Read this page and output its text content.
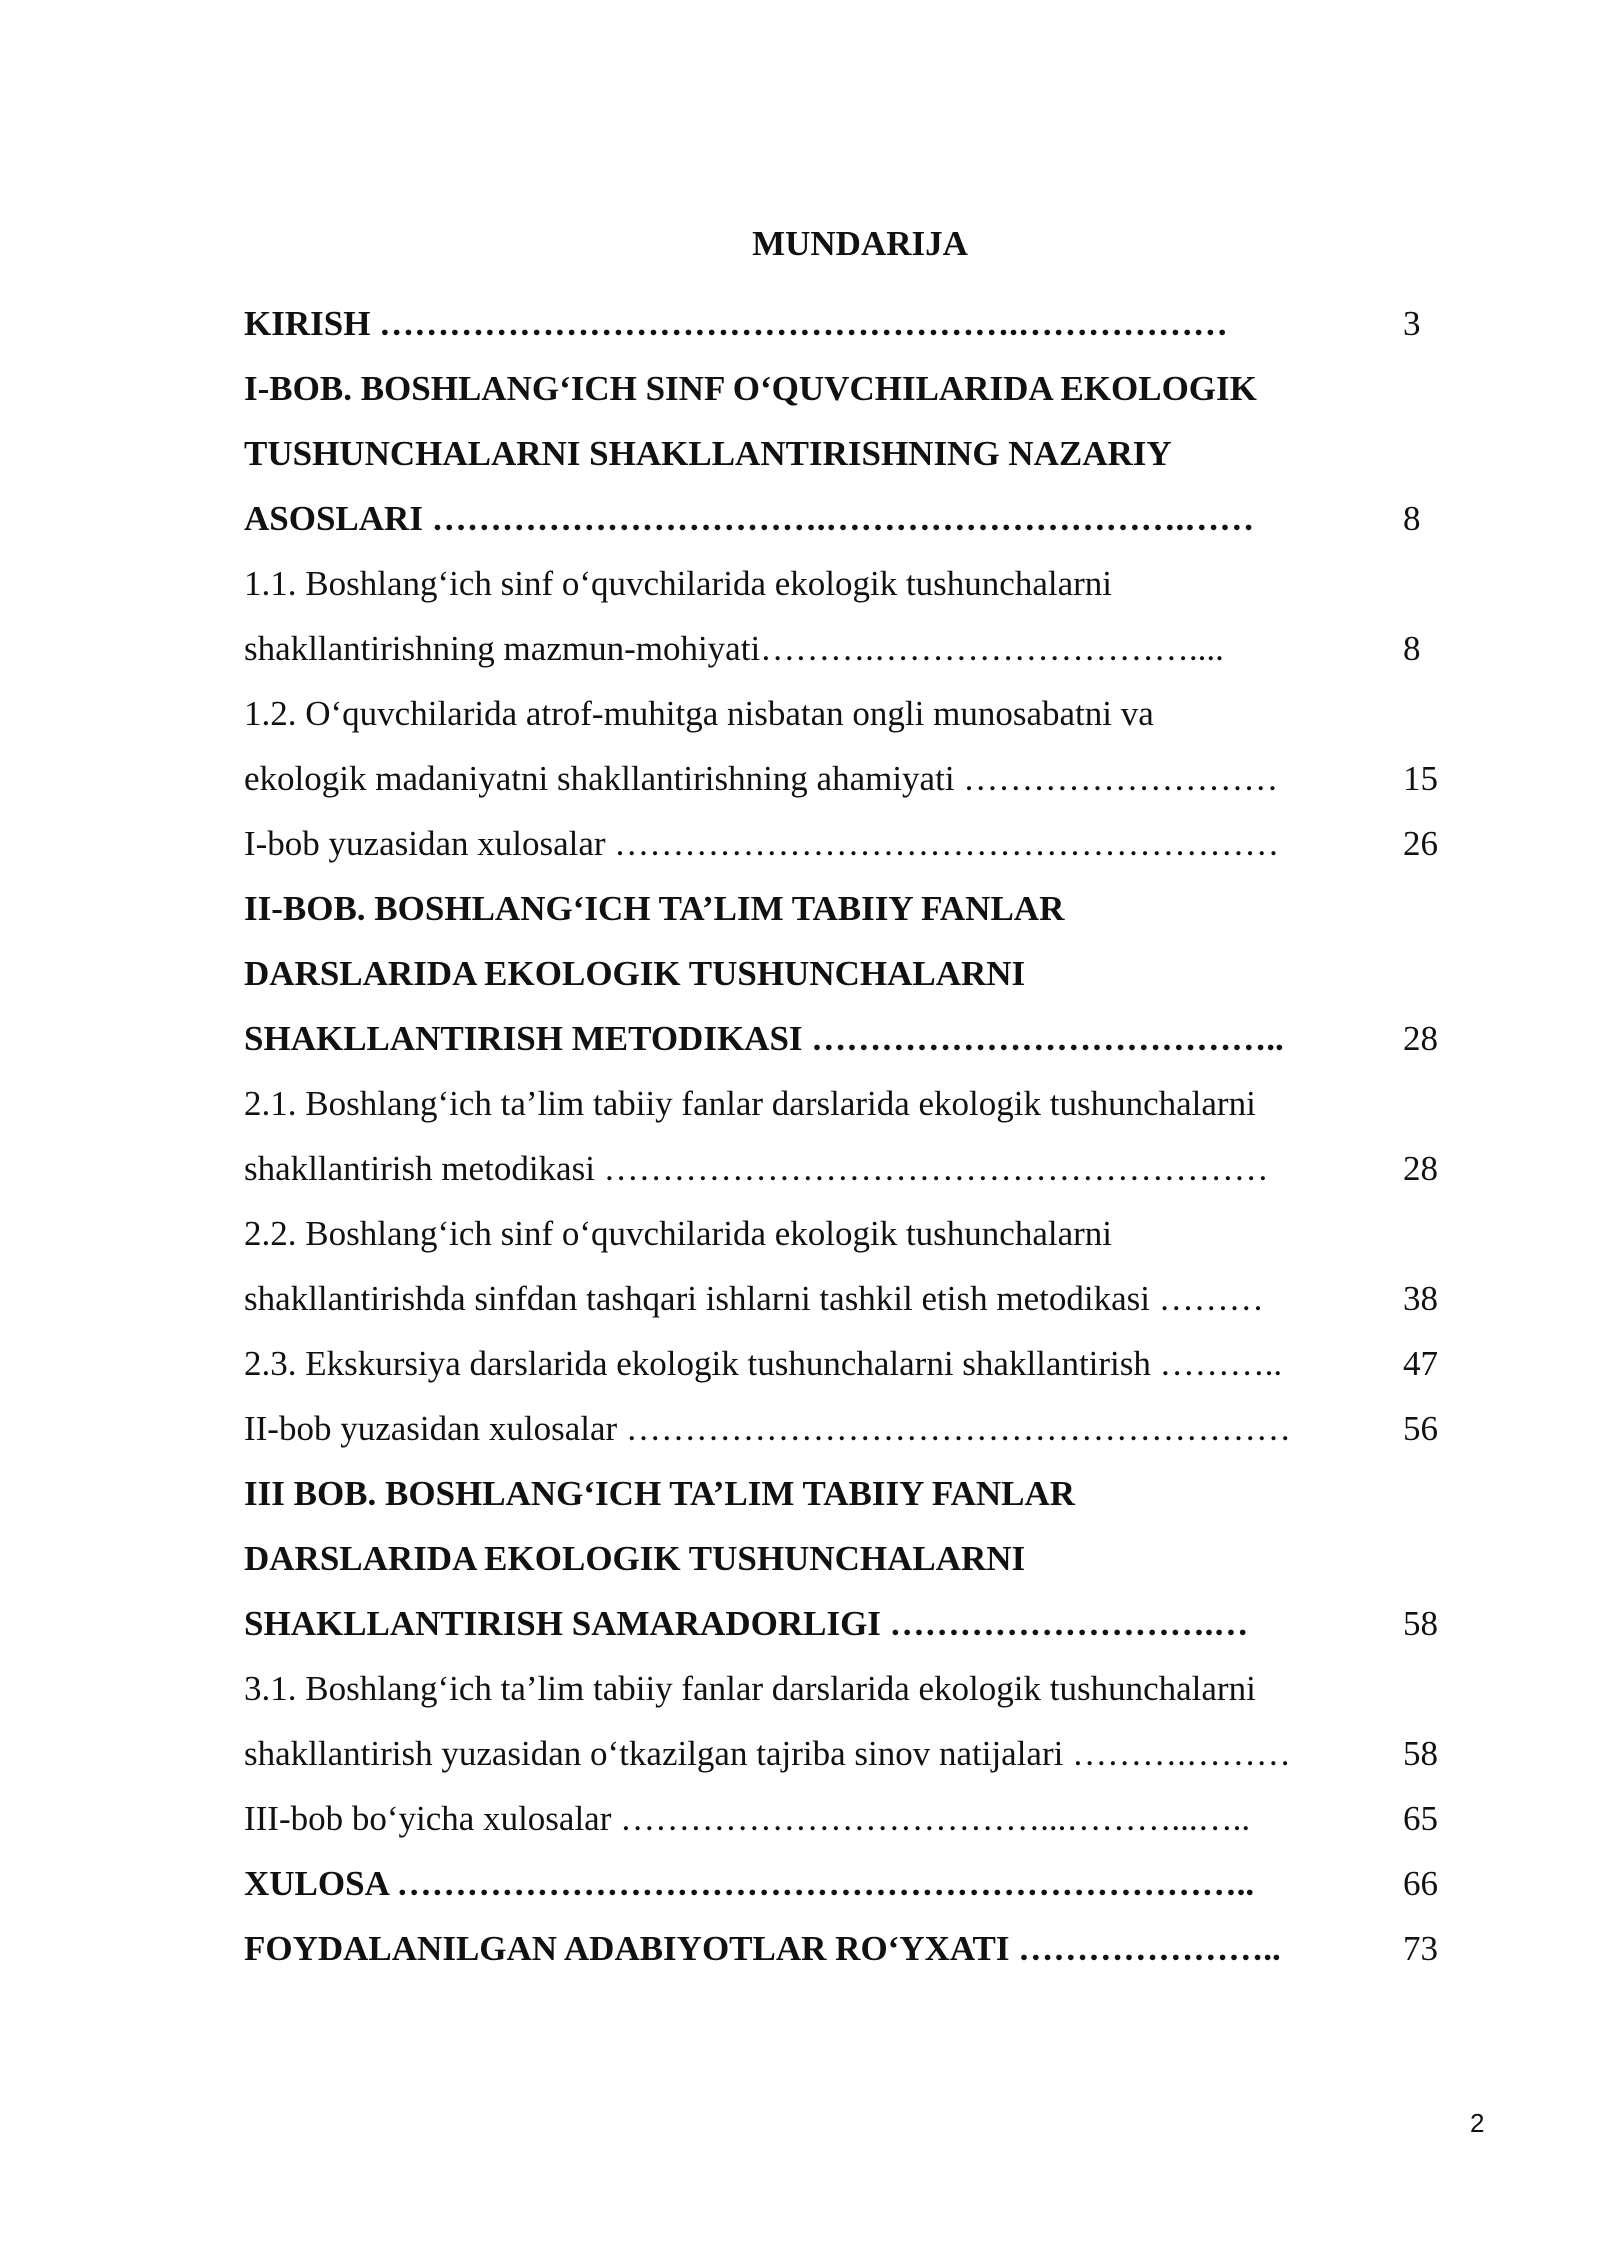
MUNDARIJA
KIRISH ……………………………………………….………………	3
I-BOB. BOSHLANG‘ICH SINF O‘QUVCHILARIDA EKOLOGIK
TUSHUNCHALARNI SHAKLLANTIRISHNING NAZARIY
ASOSLARI …………………………….………………………….……	8
1.1. Boshlang‘ich sinf o‘quvchilarida ekologik tushunchalarni
shakllantirishning mazmun-mohiyati……….………………………....	8
1.2. O‘quvchilarida atrof-muhitga nisbatan ongli munosabatni va
ekologik madaniyatni shakllantirishning ahamiyati ………………………	15
I-bob yuzasidan xulosalar …………………………………………………	26
II-BOB. BOSHLANG‘ICH TA’LIM TABIIY FANLAR
DARSLARIDA EKOLOGIK TUSHUNCHALARNI
SHAKLLANTIRISH METODIKASI …………………………………..	28
2.1. Boshlang‘ich ta’lim tabiiy fanlar darslarida ekologik tushunchalarni
shakllantirish metodikasi …………………………………………………	28
2.2. Boshlang‘ich sinf o‘quvchilarida ekologik tushunchalarni
shakllantirishda sinfdan tashqari ishlarni tashkil etish metodikasi ………	38
2.3. Ekskursiya darslarida ekologik tushunchalarni shakllantirish ………..	47
II-bob yuzasidan xulosalar …………………………………………………	56
III BOB. BOSHLANG‘ICH TA’LIM TABIIY FANLAR
DARSLARIDA EKOLOGIK TUSHUNCHALARNI
SHAKLLANTIRISH SAMARADORLIGI ……………………….…	58
3.1. Boshlang‘ich ta’lim tabiiy fanlar darslarida ekologik tushunchalarni
shakllantirish yuzasidan o‘tkazilgan tajriba sinov natijalari ……….………	58
III-bob bo‘yicha xulosalar ………………………………...………...…..	65
XULOSA ………………………………………………………………..	66
FOYDALANILGAN ADABIYOTLAR RO‘YXATI …………………..	73
2
